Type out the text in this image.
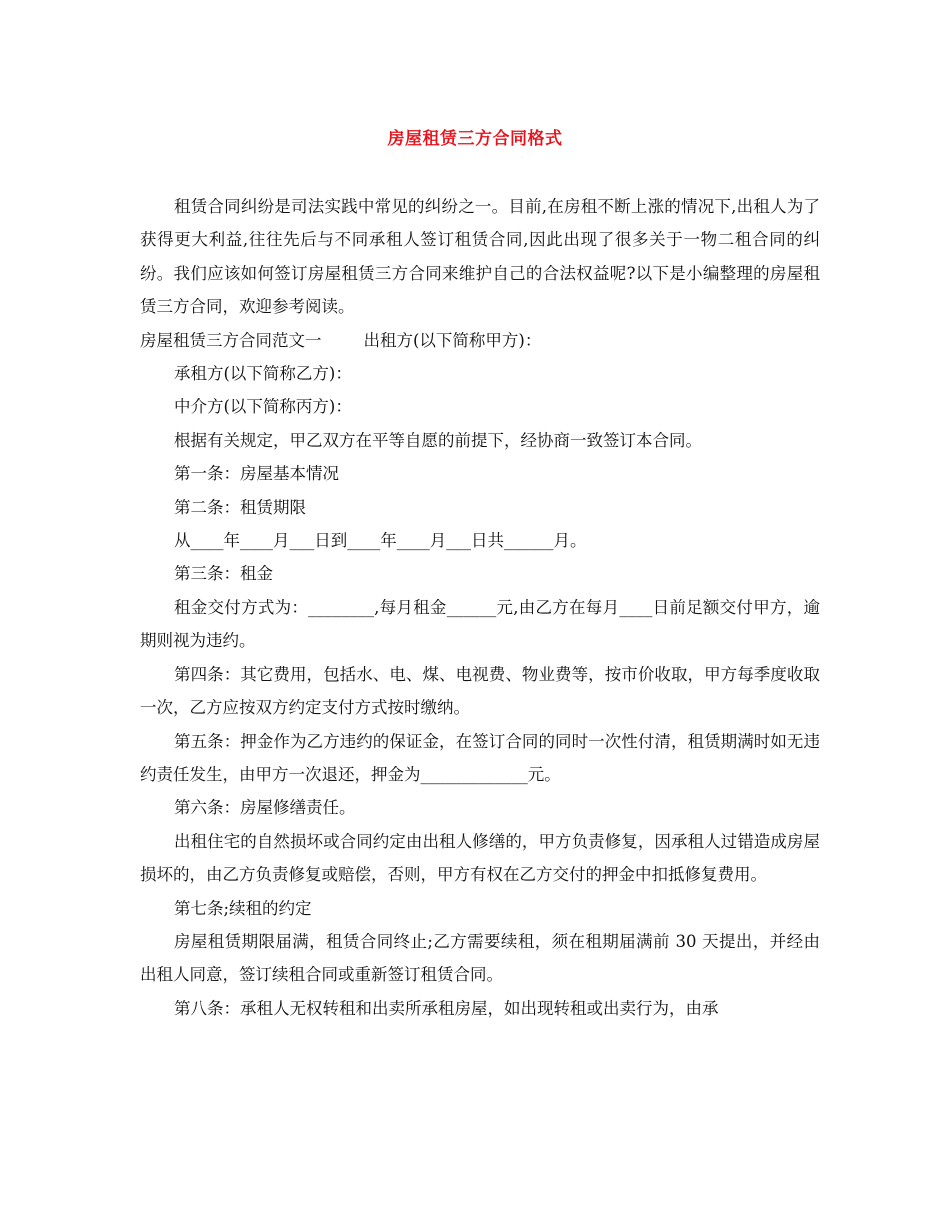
房屋租赁三方合同格式

租赁合同纠纷是司法实践中常见的纠纷之一。目前,在房租不断上涨的情况下,出租人为了获得更大利益,往往先后与不同承租人签订租赁合同,因此出现了很多关于一物二租合同的纠纷。我们应该如何签订房屋租赁三方合同来维护自己的合法权益呢?以下是小编整理的房屋租赁三方合同，欢迎参考阅读。

房屋租赁三方合同范文一	出租方(以下简称甲方)：

承租方(以下简称乙方)：

中介方(以下简称丙方)：

根据有关规定，甲乙双方在平等自愿的前提下，经协商一致签订本合同。

第一条：房屋基本情况

第二条：租赁期限

从____年____月___日到____年____月___日共______月。

第三条：租金

租金交付方式为：________,每月租金______元,由乙方在每月____日前足额交付甲方，逾期则视为违约。

第四条：其它费用，包括水、电、煤、电视费、物业费等，按市价收取，甲方每季度收取一次，乙方应按双方约定支付方式按时缴纳。

第五条：押金作为乙方违约的保证金，在签订合同的同时一次性付清，租赁期满时如无违约责任发生，由甲方一次退还，押金为_____________元。

第六条：房屋修缮责任。

出租住宅的自然损坏或合同约定由出租人修缮的，甲方负责修复，因承租人过错造成房屋损坏的，由乙方负责修复或赔偿，否则，甲方有权在乙方交付的押金中扣抵修复费用。

第七条;续租的约定

房屋租赁期限届满，租赁合同终止;乙方需要续租，须在租期届满前 30 天提出，并经由出租人同意，签订续租合同或重新签订租赁合同。

第八条：承租人无权转租和出卖所承租房屋，如出现转租或出卖行为，由承
